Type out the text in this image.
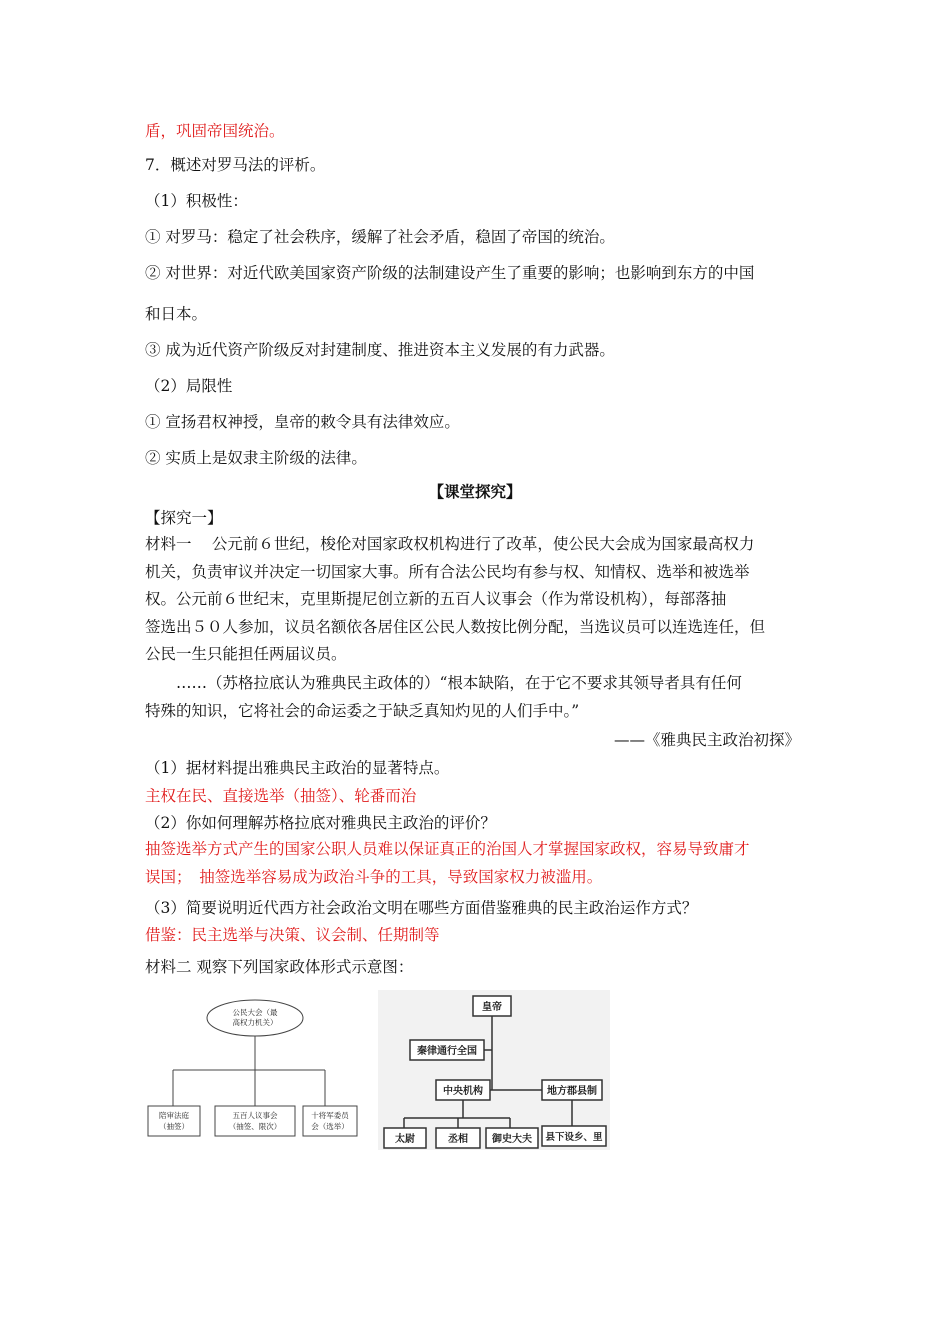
盾，巩固帝国统治。
7．概述对罗马法的评析。
（1）积极性：
① 对罗马：稳定了社会秩序，缓解了社会矛盾，稳固了帝国的统治。
② 对世界：对近代欧美国家资产阶级的法制建设产生了重要的影响；也影响到东方的中国
和日本。
③ 成为近代资产阶级反对封建制度、推进资本主义发展的有力武器。
（2）局限性
① 宣扬君权神授，皇帝的敕令具有法律效应。
② 实质上是奴隶主阶级的法律。
【课堂探究】
【探究一】
材料一　 公元前６世纪，梭伦对国家政权机构进行了改革，使公民大会成为国家最高权力
机关，负责审议并决定一切国家大事。所有合法公民均有参与权、知情权、选举和被选举
权。公元前６世纪末，克里斯提尼创立新的五百人议事会（作为常设机构），每部落抽
签选出５０人参加，议员名额依各居住区公民人数按比例分配，当选议员可以连选连任，但
公民一生只能担任两届议员。
　　……（苏格拉底认为雅典民主政体的）“根本缺陷，在于它不要求其领导者具有任何
特殊的知识，它将社会的命运委之于缺乏真知灼见的人们手中。”
——《雅典民主政治初探》
（1）据材料提出雅典民主政治的显著特点。
主权在民、直接选举（抽签）、轮番而治
（2）你如何理解苏格拉底对雅典民主政治的评价？
抽签选举方式产生的国家公职人员难以保证真正的治国人才掌握国家政权，容易导致庸才
误国；　抽签选举容易成为政治斗争的工具，导致国家权力被滥用。
（3）简要说明近代西方社会政治文明在哪些方面借鉴雅典的民主政治运作方式？
借鉴：民主选举与决策、议会制、任期制等
材料二 观察下列国家政体形式示意图：
公民大会（最
高权力机关）
陪审法庭
（抽签）
五百人议事会
（抽签、限次）
十将军委员
会（选举）
皇帝
秦律通行全国
中央机构	地方郡县制
太尉	丞相 御史大夫 县下设乡、里
